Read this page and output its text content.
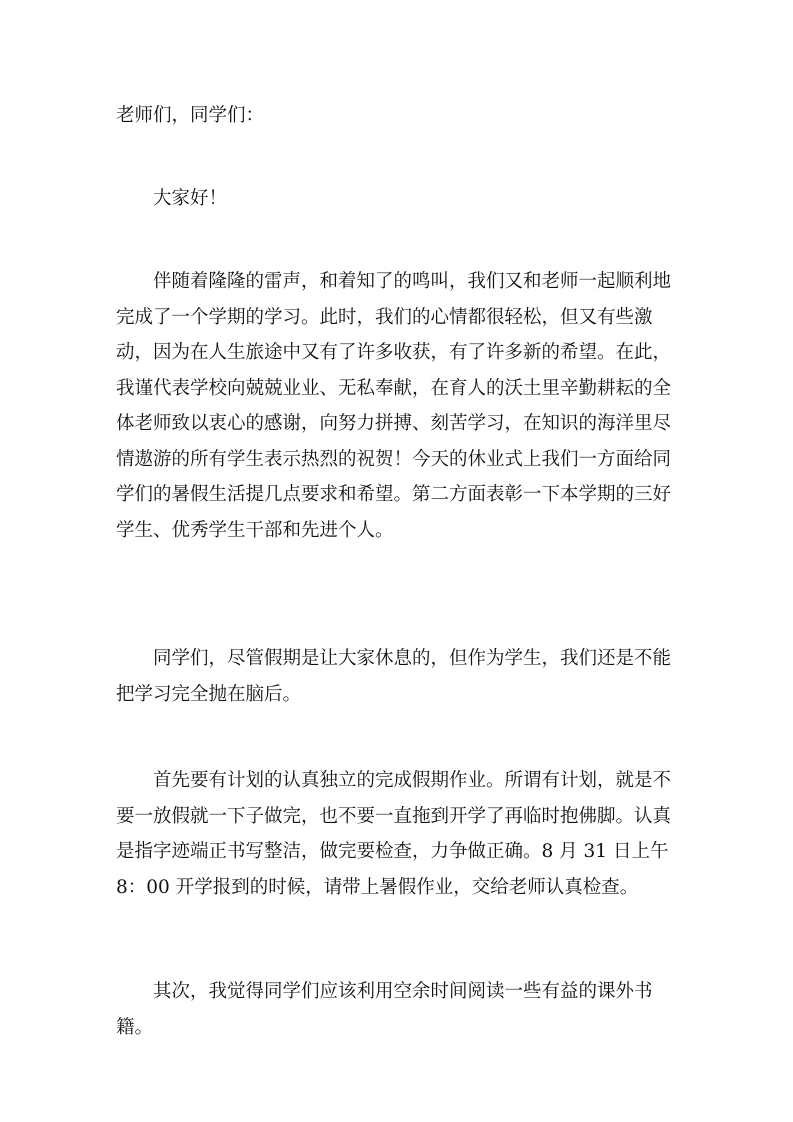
老师们，同学们：

大家好！

伴随着隆隆的雷声，和着知了的鸣叫，我们又和老师一起顺利地完成了一个学期的学习。此时，我们的心情都很轻松，但又有些激动，因为在人生旅途中又有了许多收获，有了许多新的希望。在此，我谨代表学校向兢兢业业、无私奉献，在育人的沃土里辛勤耕耘的全体老师致以衷心的感谢，向努力拼搏、刻苦学习，在知识的海洋里尽情遨游的所有学生表示热烈的祝贺！今天的休业式上我们一方面给同学们的暑假生活提几点要求和希望。第二方面表彰一下本学期的三好学生、优秀学生干部和先进个人。

同学们，尽管假期是让大家休息的，但作为学生，我们还是不能把学习完全抛在脑后。

首先要有计划的认真独立的完成假期作业。所谓有计划，就是不要一放假就一下子做完，也不要一直拖到开学了再临时抱佛脚。认真是指字迹端正书写整洁，做完要检查，力争做正确。8 月 31 日上午 8：00 开学报到的时候，请带上暑假作业，交给老师认真检查。

其次，我觉得同学们应该利用空余时间阅读一些有益的课外书籍。
